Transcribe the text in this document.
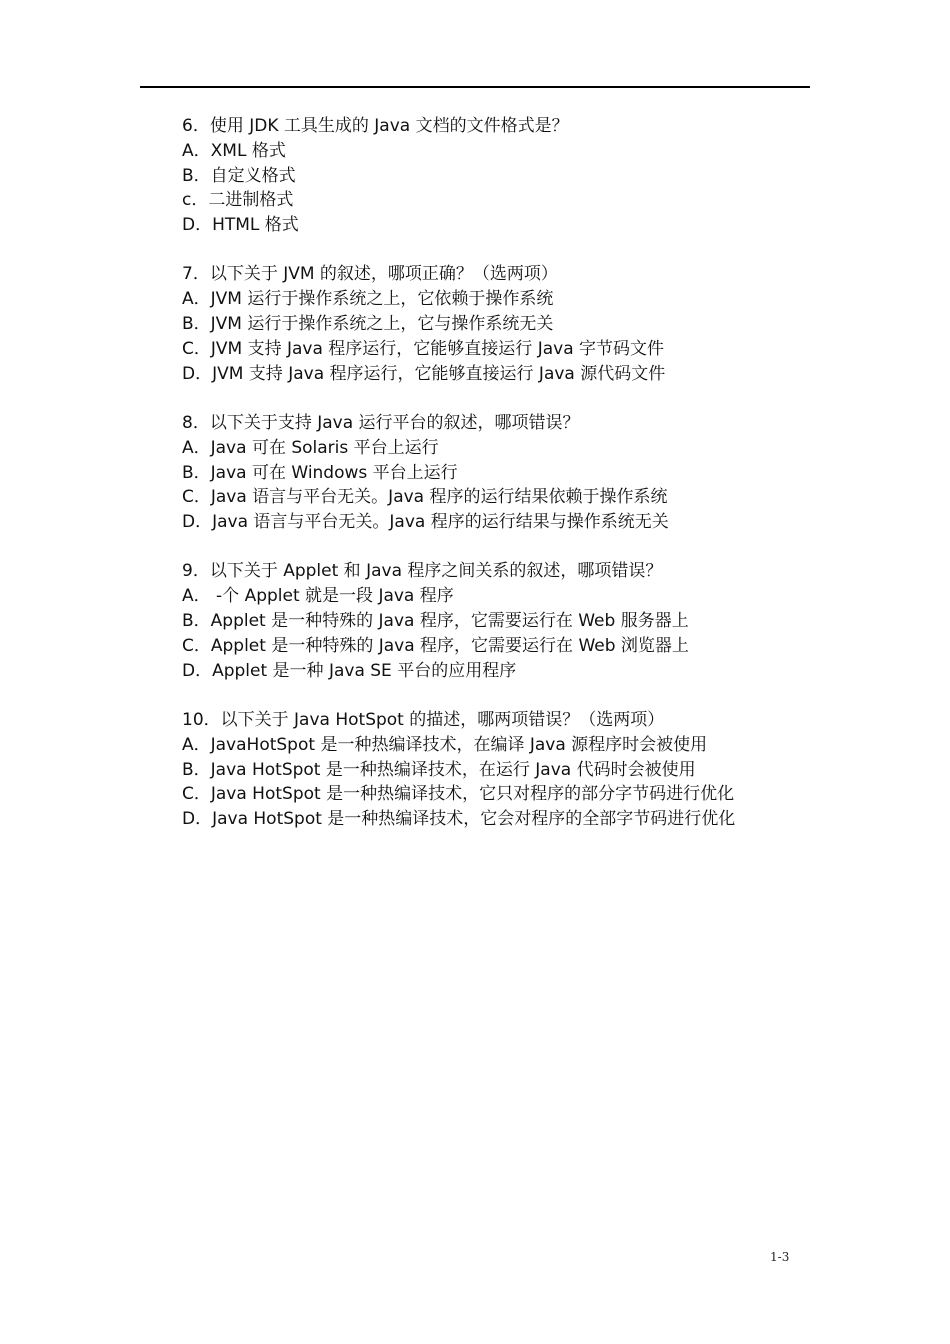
6．使用 JDK 工具生成的 Java 文档的文件格式是？
A．XML 格式
B．自定义格式
c．二进制格式
D．HTML 格式
7．以下关于 JVM 的叙述，哪项正确？（选两项）
A．JVM 运行于操作系统之上，它依赖于操作系统
B．JVM 运行于操作系统之上，它与操作系统无关
C．JVM 支持 Java 程序运行，它能够直接运行 Java 字节码文件
D．JVM 支持 Java 程序运行，它能够直接运行 Java 源代码文件
8．以下关于支持 Java 运行平台的叙述，哪项错误？
A．Java 可在 Solaris 平台上运行
B．Java 可在 Windows 平台上运行
C．Java 语言与平台无关。Java 程序的运行结果依赖于操作系统
D．Java 语言与平台无关。Java 程序的运行结果与操作系统无关
9．以下关于 Applet 和 Java 程序之间关系的叙述，哪项错误？
A． -个 Applet 就是一段 Java 程序
B．Applet 是一种特殊的 Java 程序，它需要运行在 Web 服务器上
C．Applet 是一种特殊的 Java 程序，它需要运行在 Web 浏览器上
D．Applet 是一种 Java SE 平台的应用程序
10．以下关于 Java HotSpot 的描述，哪两项错误？（选两项）
A．JavaHotSpot 是一种热编译技术，在编译 Java 源程序时会被使用
B．Java HotSpot 是一种热编译技术，在运行 Java 代码时会被使用
C．Java HotSpot 是一种热编译技术，它只对程序的部分字节码进行优化
D．Java HotSpot 是一种热编译技术，它会对程序的全部字节码进行优化
1-3
